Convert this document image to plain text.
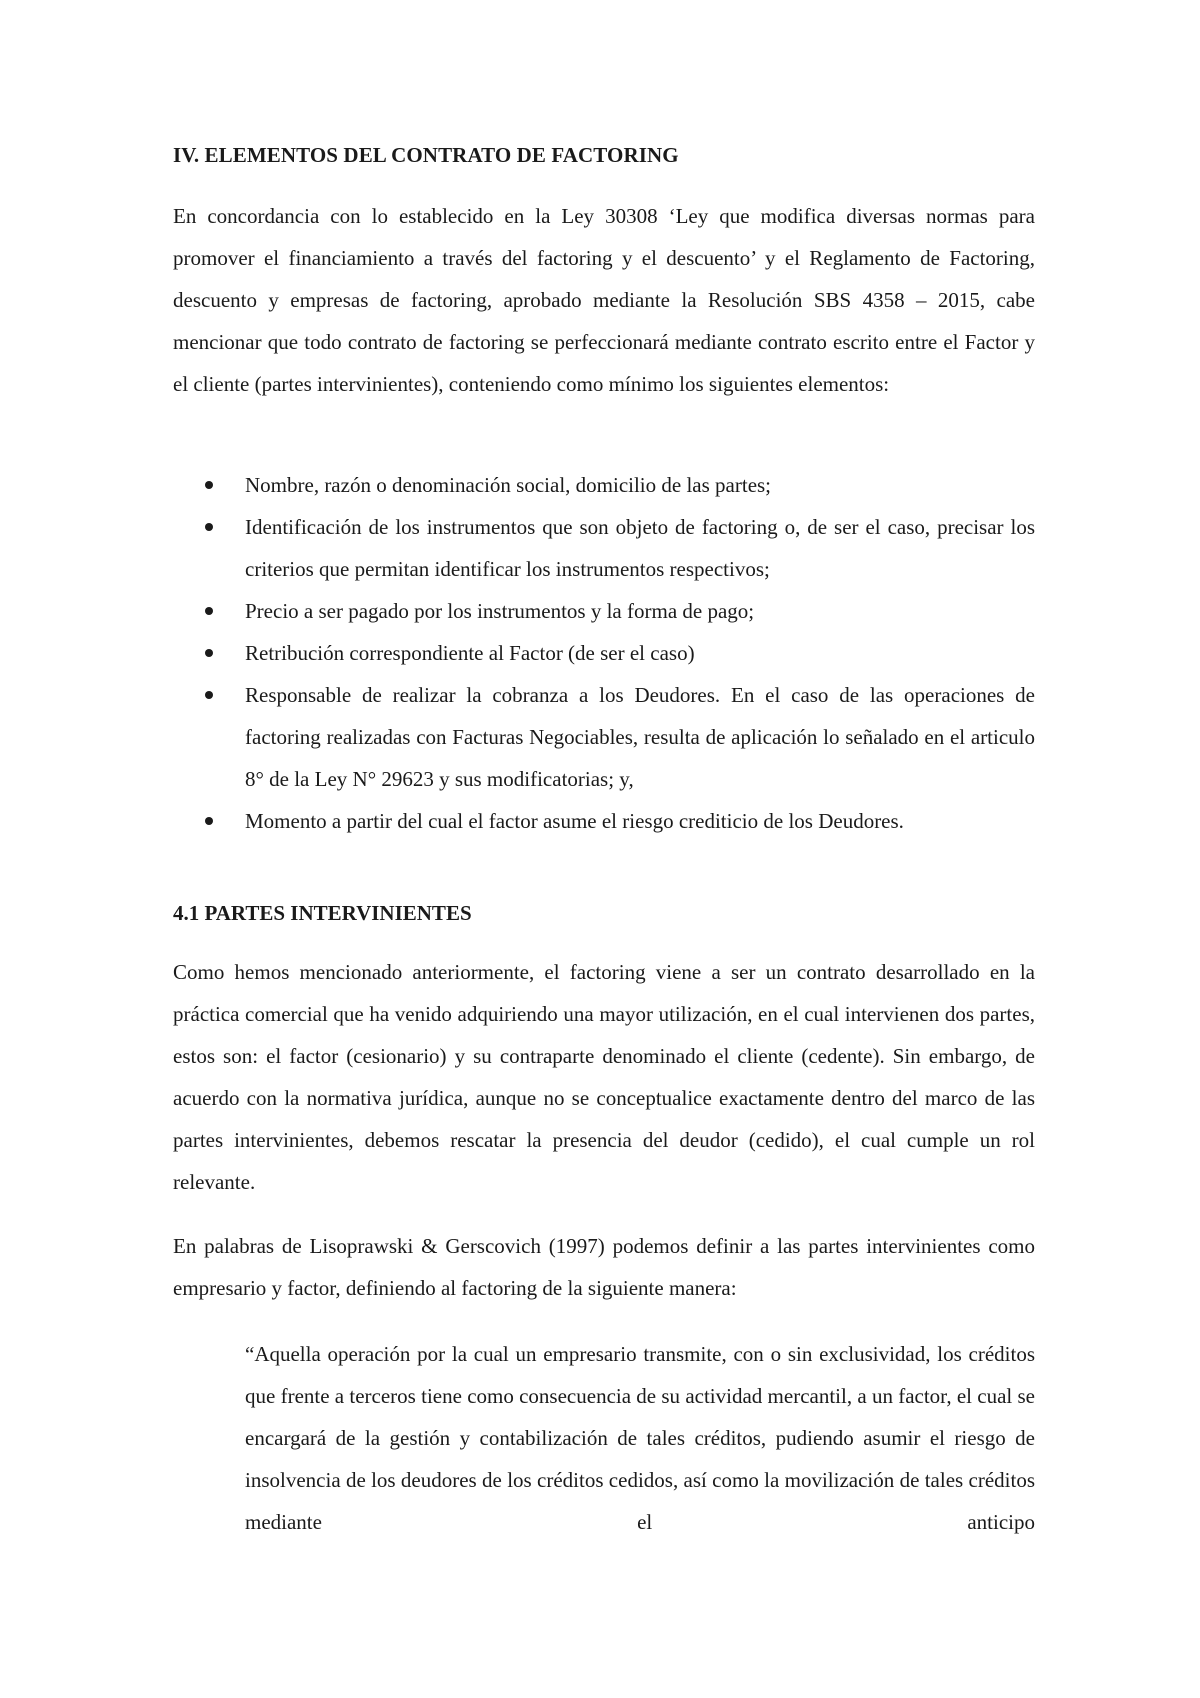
IV. ELEMENTOS DEL CONTRATO DE FACTORING

En concordancia con lo establecido en la Ley 30308 ‘Ley que modifica diversas normas para promover el financiamiento a través del factoring y el descuento’ y el Reglamento de Factoring, descuento y empresas de factoring, aprobado mediante la Resolución SBS 4358 – 2015, cabe mencionar que todo contrato de factoring se perfeccionará mediante contrato escrito entre el Factor y el cliente (partes intervinientes), conteniendo como mínimo los siguientes elementos:

Nombre, razón o denominación social, domicilio de las partes;
Identificación de los instrumentos que son objeto de factoring o, de ser el caso, precisar los criterios que permitan identificar los instrumentos respectivos;
Precio a ser pagado por los instrumentos y la forma de pago;
Retribución correspondiente al Factor (de ser el caso)
Responsable de realizar la cobranza a los Deudores. En el caso de las operaciones de factoring realizadas con Facturas Negociables, resulta de aplicación lo señalado en el articulo 8° de la Ley N° 29623 y sus modificatorias; y,
Momento a partir del cual el factor asume el riesgo crediticio de los Deudores.
4.1 PARTES INTERVINIENTES

Como hemos mencionado anteriormente, el factoring viene a ser un contrato desarrollado en la práctica comercial que ha venido adquiriendo una mayor utilización, en el cual intervienen dos partes, estos son: el factor (cesionario) y su contraparte denominado el cliente (cedente). Sin embargo, de acuerdo con la normativa jurídica, aunque no se conceptualice exactamente dentro del marco de las partes intervinientes, debemos rescatar la presencia del deudor (cedido), el cual cumple un rol relevante.

En palabras de Lisoprawski & Gerscovich (1997) podemos definir a las partes intervinientes como empresario y factor, definiendo al factoring de la siguiente manera:

“Aquella operación por la cual un empresario transmite, con o sin exclusividad, los créditos que frente a terceros tiene como consecuencia de su actividad mercantil, a un factor, el cual se encargará de la gestión y contabilización de tales créditos, pudiendo asumir el riesgo de insolvencia de los deudores de los créditos cedidos, así como la movilización de tales créditos mediante el anticipo
